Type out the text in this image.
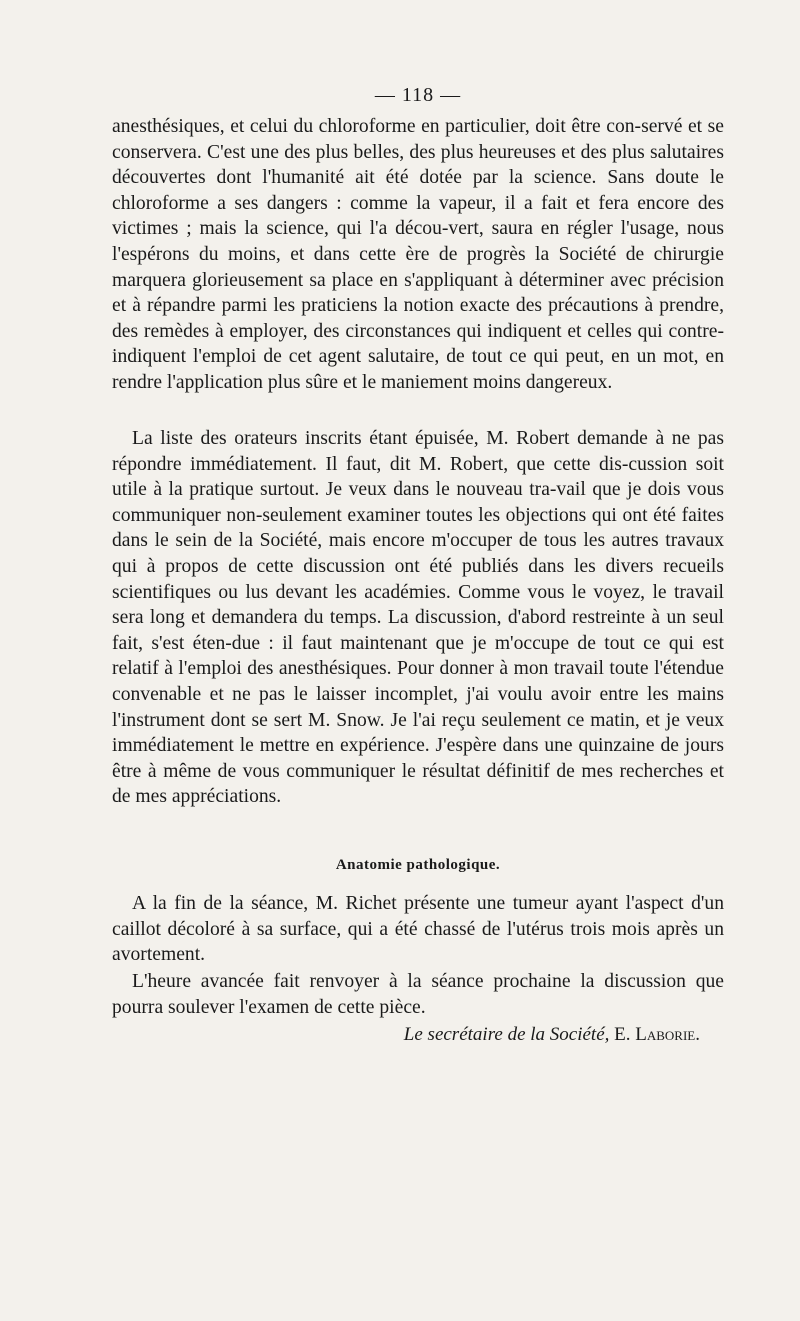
— 118 —

anesthésiques, et celui du chloroforme en particulier, doit être con-servé et se conservera. C'est une des plus belles, des plus heureuses et des plus salutaires découvertes dont l'humanité ait été dotée par la science. Sans doute le chloroforme a ses dangers : comme la vapeur, il a fait et fera encore des victimes ; mais la science, qui l'a décou-vert, saura en régler l'usage, nous l'espérons du moins, et dans cette ère de progrès la Société de chirurgie marquera glorieusement sa place en s'appliquant à déterminer avec précision et à répandre parmi les praticiens la notion exacte des précautions à prendre, des remèdes à employer, des circonstances qui indiquent et celles qui contre-indiquent l'emploi de cet agent salutaire, de tout ce qui peut, en un mot, en rendre l'application plus sûre et le maniement moins dangereux.

La liste des orateurs inscrits étant épuisée, M. Robert demande à ne pas répondre immédiatement. Il faut, dit M. Robert, que cette dis-cussion soit utile à la pratique surtout. Je veux dans le nouveau tra-vail que je dois vous communiquer non-seulement examiner toutes les objections qui ont été faites dans le sein de la Société, mais encore m'occuper de tous les autres travaux qui à propos de cette discussion ont été publiés dans les divers recueils scientifiques ou lus devant les académies. Comme vous le voyez, le travail sera long et demandera du temps. La discussion, d'abord restreinte à un seul fait, s'est éten-due : il faut maintenant que je m'occupe de tout ce qui est relatif à l'emploi des anesthésiques. Pour donner à mon travail toute l'étendue convenable et ne pas le laisser incomplet, j'ai voulu avoir entre les mains l'instrument dont se sert M. Snow. Je l'ai reçu seulement ce matin, et je veux immédiatement le mettre en expérience. J'espère dans une quinzaine de jours être à même de vous communiquer le résultat définitif de mes recherches et de mes appréciations.

Anatomie pathologique.

A la fin de la séance, M. Richet présente une tumeur ayant l'aspect d'un caillot décoloré à sa surface, qui a été chassé de l'utérus trois mois après un avortement.

L'heure avancée fait renvoyer à la séance prochaine la discussion que pourra soulever l'examen de cette pièce.

Le secrétaire de la Société, E. Laborie.
